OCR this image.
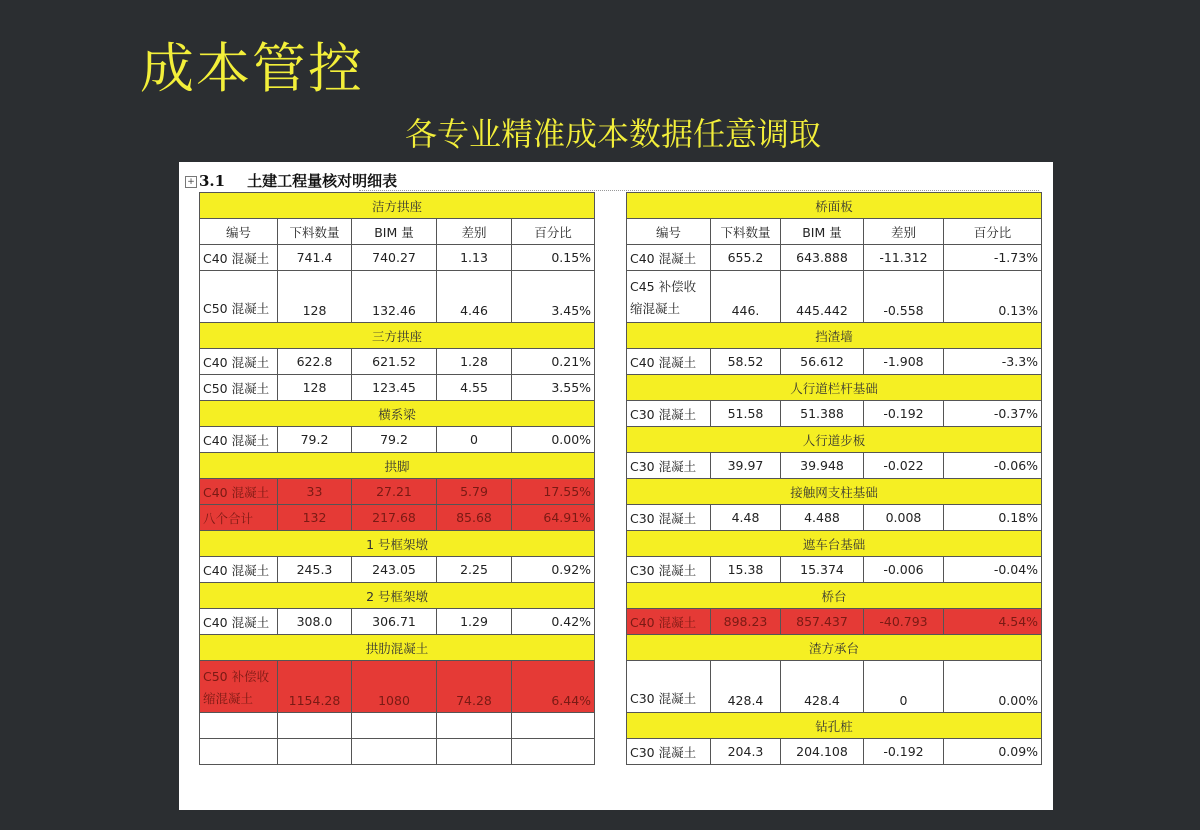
成本管控
各专业精准成本数据任意调取
+ 3.1 土建工程量核对明细表
洁方拱座				
编号	下料数量	BIM 量	差别	百分比
C40 混凝土	741.4	740.27	1.13	0.15%
C50 混凝土	128	132.46	4.46	3.45%
三方拱座				
C40 混凝土	622.8	621.52	1.28	0.21%
C50 混凝土	128	123.45	4.55	3.55%
横系梁				
C40 混凝土	79.2	79.2	0	0.00%
拱脚				
C40 混凝土	33	27.21	5.79	17.55%
八个合计	132	217.68	85.68	64.91%
1 号框架墩				
C40 混凝土	245.3	243.05	2.25	0.92%
2 号框架墩				
C40 混凝土	308.0	306.71	1.29	0.42%
拱肋混凝土				
C50 补偿收缩混凝土	1154.28	1080	74.28	6.44%

桥面板				
编号	下料数量	BIM 量	差别	百分比
C40 混凝土	655.2	643.888	-11.312	-1.73%
C45 补偿收缩混凝土	446.	445.442	-0.558	0.13%
挡渣墙				
C40 混凝土	58.52	56.612	-1.908	-3.3%
人行道栏杆基础				
C30 混凝土	51.58	51.388	-0.192	-0.37%
人行道步板				
C30 混凝土	39.97	39.948	-0.022	-0.06%
接触网支柱基础				
C30 混凝土	4.48	4.488	0.008	0.18%
遮车台基础				
C30 混凝土	15.38	15.374	-0.006	-0.04%
桥台				
C40 混凝土	898.23	857.437	-40.793	4.54%
渣方承台				
C30 混凝土	428.4	428.4	0	0.00%
钻孔桩				
C30 混凝土	204.3	204.108	-0.192	0.09%
